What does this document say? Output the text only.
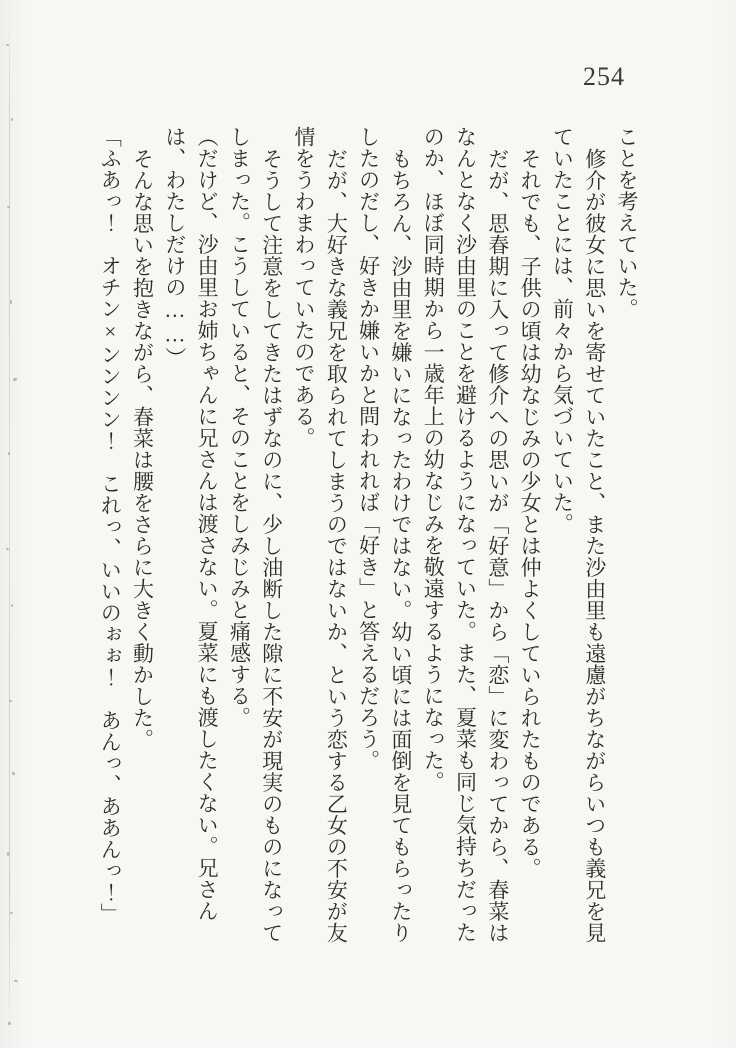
254

ことを考えていた。

修介が彼女に思いを寄せていたこと、また沙由里も遠慮がちながらいつも義兄を見ていたことには、前々から気づいていた。

それでも、子供の頃は幼なじみの少女とは仲よくしていられたものである。

だが、思春期に入って修介への思いが「好意」から「恋」に変わってから、春菜はなんとなく沙由里のことを避けるようになっていた。また、夏菜も同じ気持ちだったのか、ほぼ同時期から一歳年上の幼なじみを敬遠するようになった。

もちろん、沙由里を嫌いになったわけではない。幼い頃には面倒を見てもらったりしたのだし、好きか嫌いかと問われれば「好き」と答えるだろう。

だが、大好きな義兄を取られてしまうのではないか、という恋する乙女の不安が友情をうわまわっていたのである。

そうして注意をしてきたはずなのに、少し油断した隙に不安が現実のものになってしまった。こうしていると、そのことをしみじみと痛感する。

（だけど、沙由里お姉ちゃんに兄さんは渡さない。夏菜にも渡したくない。兄さんは、わたしだけの……）

そんな思いを抱きながら、春菜は腰をさらに大きく動かした。

「ふあっ！　オチン×ンンンン！　これっ、いいのぉぉ！　あんっ、ああんっ！」
